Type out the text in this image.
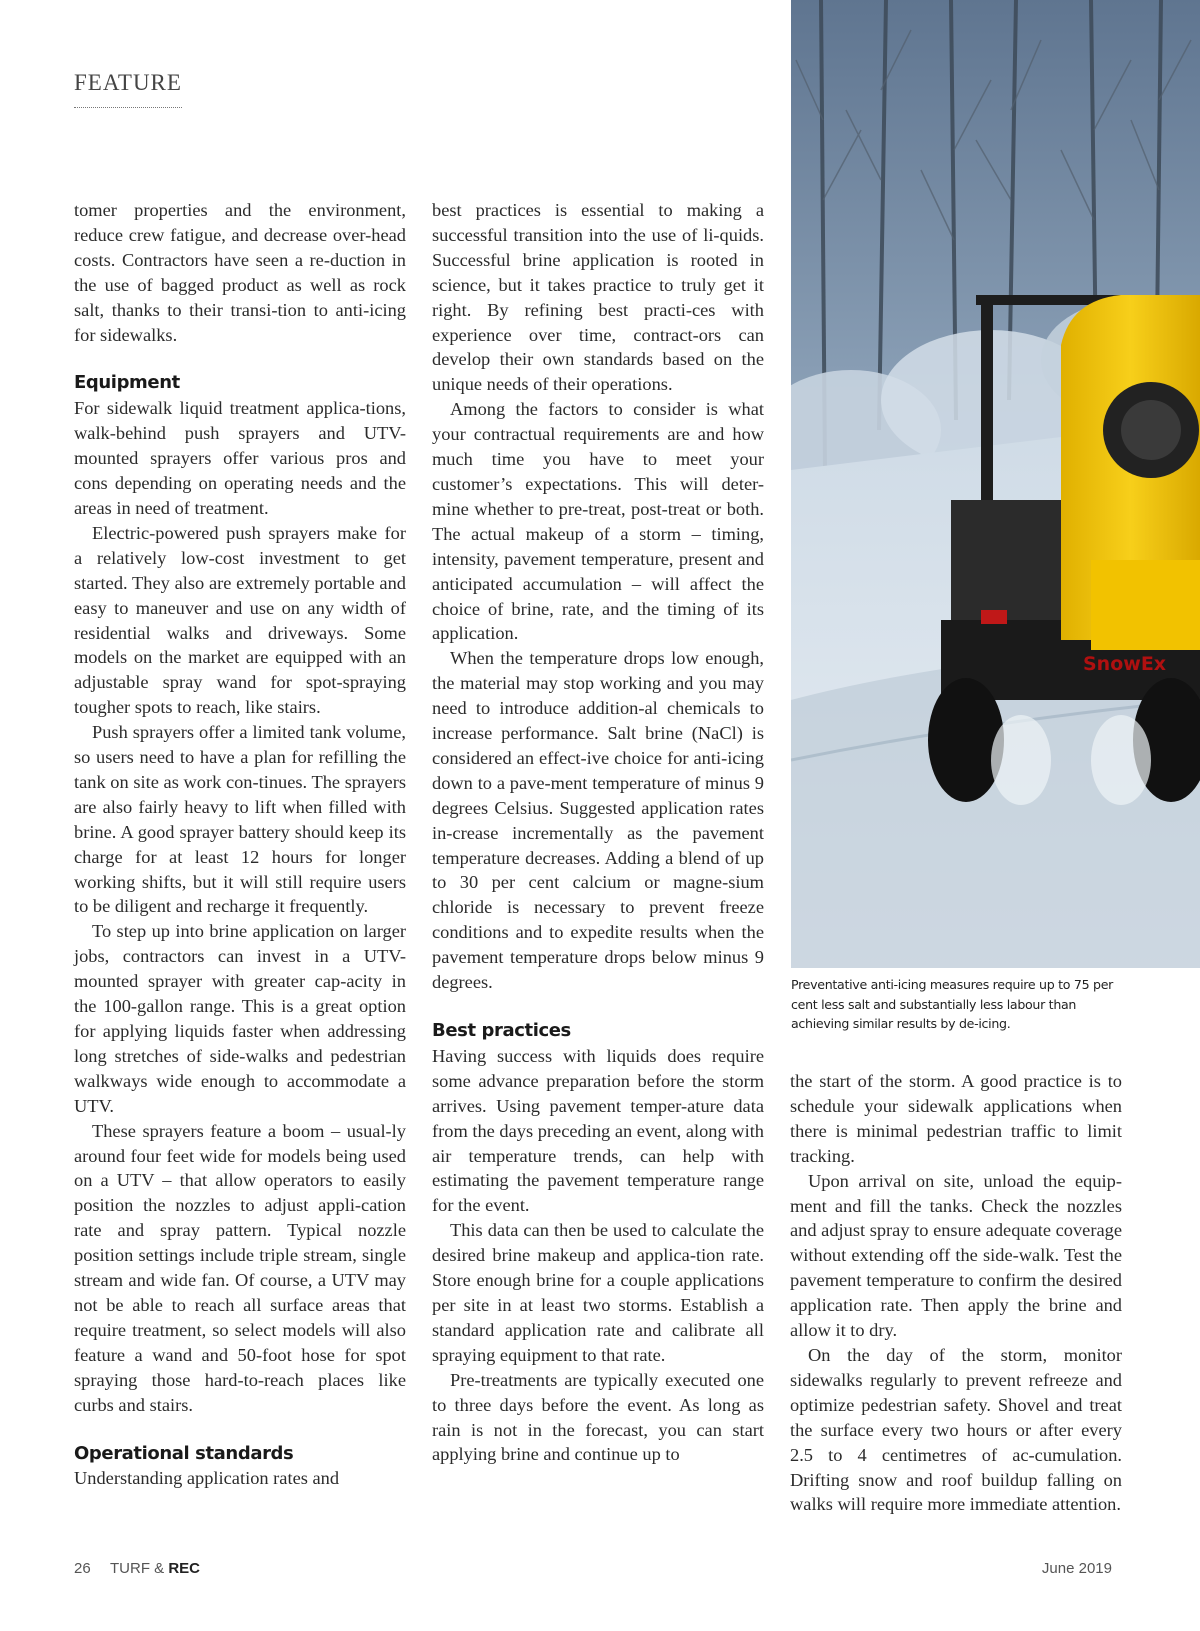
FEATURE

tomer properties and the environment, reduce crew fatigue, and decrease over-head costs. Contractors have seen a re-duction in the use of bagged product as well as rock salt, thanks to their transi-tion to anti-icing for sidewalks.

Equipment

For sidewalk liquid treatment applica-tions, walk-behind push sprayers and UTV-mounted sprayers offer various pros and cons depending on operating needs and the areas in need of treatment.

Electric-powered push sprayers make for a relatively low-cost investment to get started. They also are extremely portable and easy to maneuver and use on any width of residential walks and driveways. Some models on the market are equipped with an adjustable spray wand for spot-spraying tougher spots to reach, like stairs.

Push sprayers offer a limited tank volume, so users need to have a plan for refilling the tank on site as work con-tinues. The sprayers are also fairly heavy to lift when filled with brine. A good sprayer battery should keep its charge for at least 12 hours for longer working shifts, but it will still require users to be diligent and recharge it frequently.

To step up into brine application on larger jobs, contractors can invest in a UTV-mounted sprayer with greater cap-acity in the 100-gallon range. This is a great option for applying liquids faster when addressing long stretches of side-walks and pedestrian walkways wide enough to accommodate a UTV.

These sprayers feature a boom – usual-ly around four feet wide for models being used on a UTV – that allow operators to easily position the nozzles to adjust appli-cation rate and spray pattern. Typical nozzle position settings include triple stream, single stream and wide fan. Of course, a UTV may not be able to reach all surface areas that require treatment, so select models will also feature a wand and 50-foot hose for spot spraying those hard-to-reach places like curbs and stairs.

Operational standards

Understanding application rates and

best practices is essential to making a successful transition into the use of li-quids. Successful brine application is rooted in science, but it takes practice to truly get it right. By refining best practi-ces with experience over time, contract-ors can develop their own standards based on the unique needs of their operations.

Among the factors to consider is what your contractual requirements are and how much time you have to meet your customer’s expectations. This will deter-mine whether to pre-treat, post-treat or both. The actual makeup of a storm – timing, intensity, pavement temperature, present and anticipated accumulation – will affect the choice of brine, rate, and the timing of its application.

When the temperature drops low enough, the material may stop working and you may need to introduce addition-al chemicals to increase performance. Salt brine (NaCl) is considered an effect-ive choice for anti-icing down to a pave-ment temperature of minus 9 degrees Celsius. Suggested application rates in-crease incrementally as the pavement temperature decreases. Adding a blend of up to 30 per cent calcium or magne-sium chloride is necessary to prevent freeze conditions and to expedite results when the pavement temperature drops below minus 9 degrees.

Best practices

Having success with liquids does require some advance preparation before the storm arrives. Using pavement temper-ature data from the days preceding an event, along with air temperature trends, can help with estimating the pavement temperature range for the event.

This data can then be used to calculate the desired brine makeup and applica-tion rate. Store enough brine for a couple applications per site in at least two storms. Establish a standard application rate and calibrate all spraying equipment to that rate.

Pre-treatments are typically executed one to three days before the event. As long as rain is not in the forecast, you can start applying brine and continue up to

the start of the storm. A good practice is to schedule your sidewalk applications when there is minimal pedestrian traffic to limit tracking.

Upon arrival on site, unload the equip-ment and fill the tanks. Check the nozzles and adjust spray to ensure adequate coverage without extending off the side-walk. Test the pavement temperature to confirm the desired application rate. Then apply the brine and allow it to dry.

On the day of the storm, monitor sidewalks regularly to prevent refreeze and optimize pedestrian safety. Shovel and treat the surface every two hours or after every 2.5 to 4 centimetres of ac-cumulation. Drifting snow and roof buildup falling on walks will require more immediate attention.

SnowEx
Preventative anti-icing measures require up to 75 per cent less salt and substantially less labour than achieving similar results by de-icing.
26 TURF & REC	June 2019
